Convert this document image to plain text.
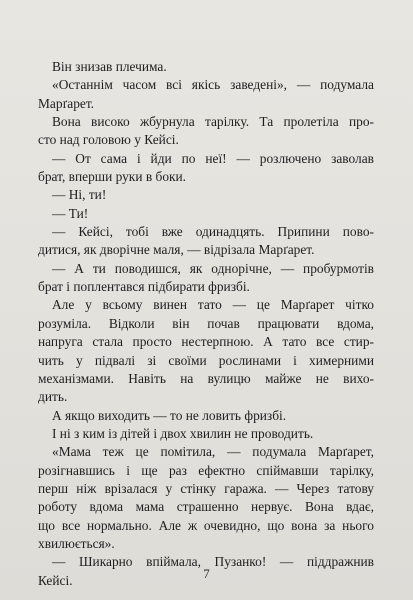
Він знизав плечима.
«Останнім часом всі якісь заведені», — подумала
Марґарет.
Вона високо жбурнула тарілку. Та пролетіла про-
сто над головою у Кейсі.
— От сама і йди по неї! — розлючено заволав
брат, вперши руки в боки.
— Ні, ти!
— Ти!
— Кейсі, тобі вже одинадцять. Припини пово-
дитися, як дворічне маля, — відрізала Марґарет.
— А ти поводишся, як однорічне, — пробурмотів
брат і поплентався підбирати фризбі.
Але у всьому винен тато — це Марґарет чітко
розуміла. Відколи він почав працювати вдома,
напруга стала просто нестерпною. А тато все стир-
чить у підвалі зі своїми рослинами і химерними
механізмами. Навіть на вулицю майже не вихо-
дить.
А якщо виходить — то не ловить фризбі.
І ні з ким із дітей і двох хвилин не проводить.
«Мама теж це помітила, — подумала Марґарет,
розігнавшись і ще раз ефектно спіймавши тарілку,
перш ніж врізалася у стінку гаража. — Через татову
роботу вдома мама страшенно нервує. Вона вдає,
що все нормально. Але ж очевидно, що вона за нього
хвилюється».
— Шикарно впіймала, Пузанко! — піддражнив
Кейсі.	7
